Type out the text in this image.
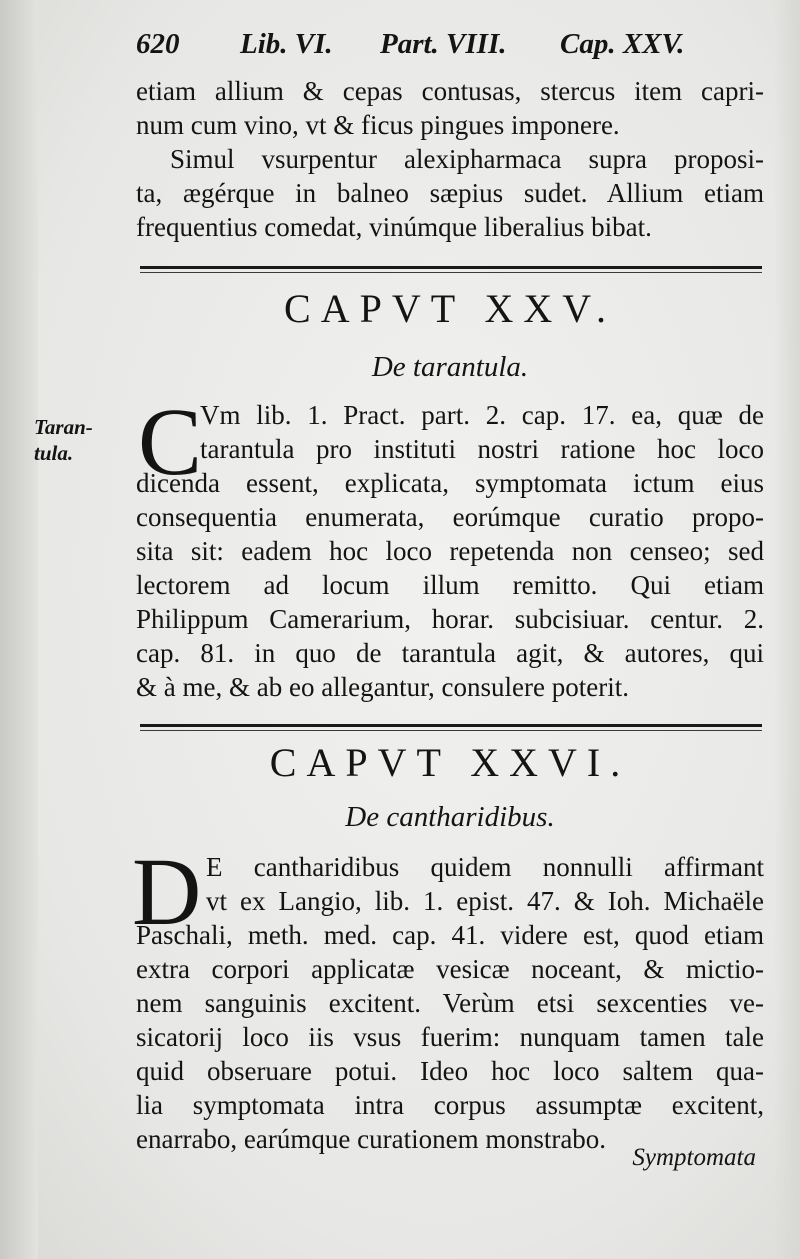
620 Lib. VI. Part. VIII. Cap. XXV.
etiam allium & cepas contusas, stercus item capri-
num cum vino, vt & ficus pingues imponere.
Simul vsurpentur alexipharmaca supra proposi-
ta, ægérque in balneo sæpius sudet. Allium etiam
frequentius comedat, vinúmque liberalius bibat.
CAPVT XXV.
De tarantula.
Taran-
tula. C
Vm lib. 1. Pract. part. 2. cap. 17. ea, quæ de
tarantula pro instituti nostri ratione hoc loco
dicenda essent, explicata, symptomata ictum eius
consequentia enumerata, eorúmque curatio propo-
sita sit: eadem hoc loco repetenda non censeo; sed
lectorem ad locum illum remitto. Qui etiam
Philippum Camerarium, horar. subcisiuar. centur. 2.
cap. 81. in quo de tarantula agit, & autores, qui
& à me, & ab eo allegantur, consulere poterit.
CAPVT XXVI.
De cantharidibus.
D E cantharidibus quidem nonnulli affirmant
vt ex Langio, lib. 1. epist. 47. & Ioh. Michaële
Paschali, meth. med. cap. 41. videre est, quod etiam
extra corpori applicatæ vesicæ noceant, & mictio-
nem sanguinis excitent. Verùm etsi sexcenties ve-
sicatorij loco iis vsus fuerim: nunquam tamen tale
quid obseruare potui. Ideo hoc loco saltem qua-
lia symptomata intra corpus assumptæ excitent,
enarrabo, earúmque curationem monstrabo.
Symptomata
